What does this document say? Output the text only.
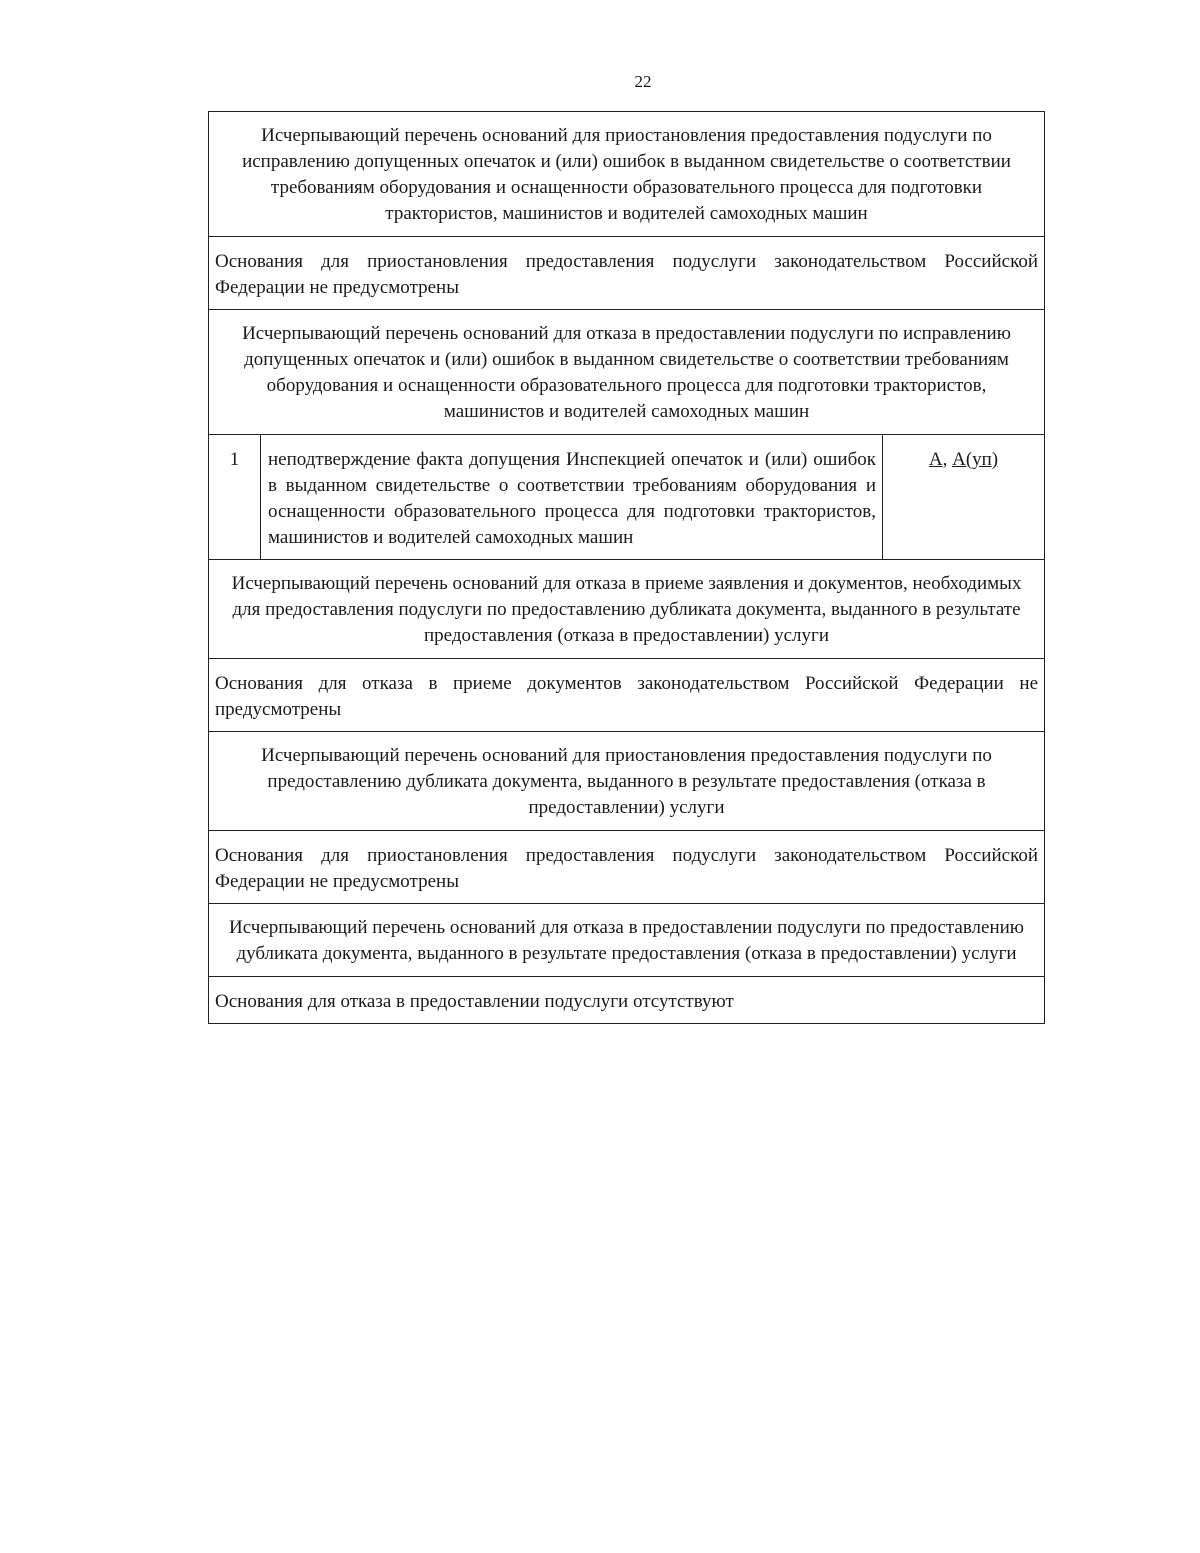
22
Исчерпывающий перечень оснований для приостановления предоставления подуслуги по исправлению допущенных опечаток и (или) ошибок в выданном свидетельстве о соответствии требованиям оборудования и оснащенности образовательного процесса для подготовки трактористов, машинистов и водителей самоходных машин
Основания для приостановления предоставления подуслуги законодательством Российской Федерации не предусмотрены
Исчерпывающий перечень оснований для отказа в предоставлении подуслуги по исправлению допущенных опечаток и (или) ошибок в выданном свидетельстве о соответствии требованиям оборудования и оснащенности образовательного процесса для подготовки трактористов, машинистов и водителей самоходных машин
1	неподтверждение факта допущения Инспекцией опечаток и (или) ошибок в выданном свидетельстве о соответствии требованиям оборудования и оснащенности образовательного процесса для подготовки трактористов, машинистов и водителей самоходных машин	А, А(уп)
Исчерпывающий перечень оснований для отказа в приеме заявления и документов, необходимых для предоставления подуслуги по предоставлению дубликата документа, выданного в результате предоставления (отказа в предоставлении) услуги
Основания для отказа в приеме документов законодательством Российской Федерации не предусмотрены
Исчерпывающий перечень оснований для приостановления предоставления подуслуги по предоставлению дубликата документа, выданного в результате предоставления (отказа в предоставлении) услуги
Основания для приостановления предоставления подуслуги законодательством Российской Федерации не предусмотрены
Исчерпывающий перечень оснований для отказа в предоставлении подуслуги по предоставлению дубликата документа, выданного в результате предоставления (отказа в предоставлении) услуги
Основания для отказа в предоставлении подуслуги отсутствуют
